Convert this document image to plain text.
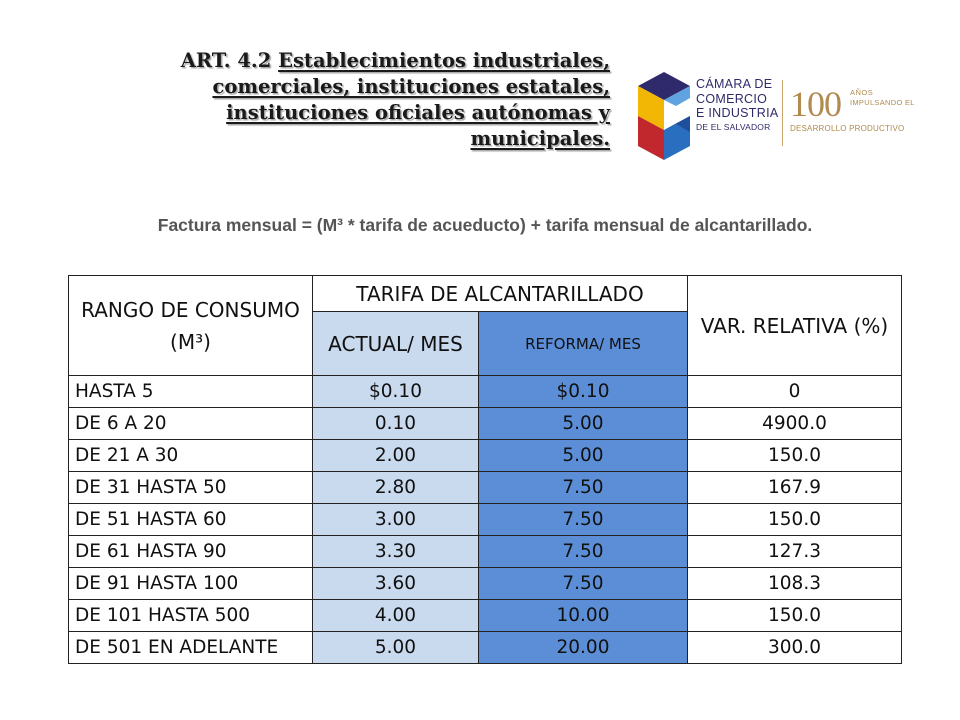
ART. 4.2 Establecimientos industriales, comerciales, instituciones estatales, instituciones oficiales autónomas y municipales.
CÁMARA DE
COMERCIO
E INDUSTRIA
DE EL SALVADOR
100 AÑOS
IMPULSANDO EL
DESARROLLO PRODUCTIVO
Factura mensual = (M³ * tarifa de acueducto) + tarifa mensual de alcantarillado.
RANGO DE CONSUMO (M³)	TARIFA DE ALCANTARILLADO		VAR. RELATIVA (%)
	ACTUAL/ MES	REFORMA/ MES	
HASTA 5	$0.10	$0.10	0
DE 6 A 20	0.10	5.00	4900.0
DE 21 A 30	2.00	5.00	150.0
DE 31 HASTA 50	2.80	7.50	167.9
DE 51 HASTA 60	3.00	7.50	150.0
DE 61 HASTA 90	3.30	7.50	127.3
DE 91 HASTA 100	3.60	7.50	108.3
DE 101 HASTA 500	4.00	10.00	150.0
DE 501 EN ADELANTE	5.00	20.00	300.0
